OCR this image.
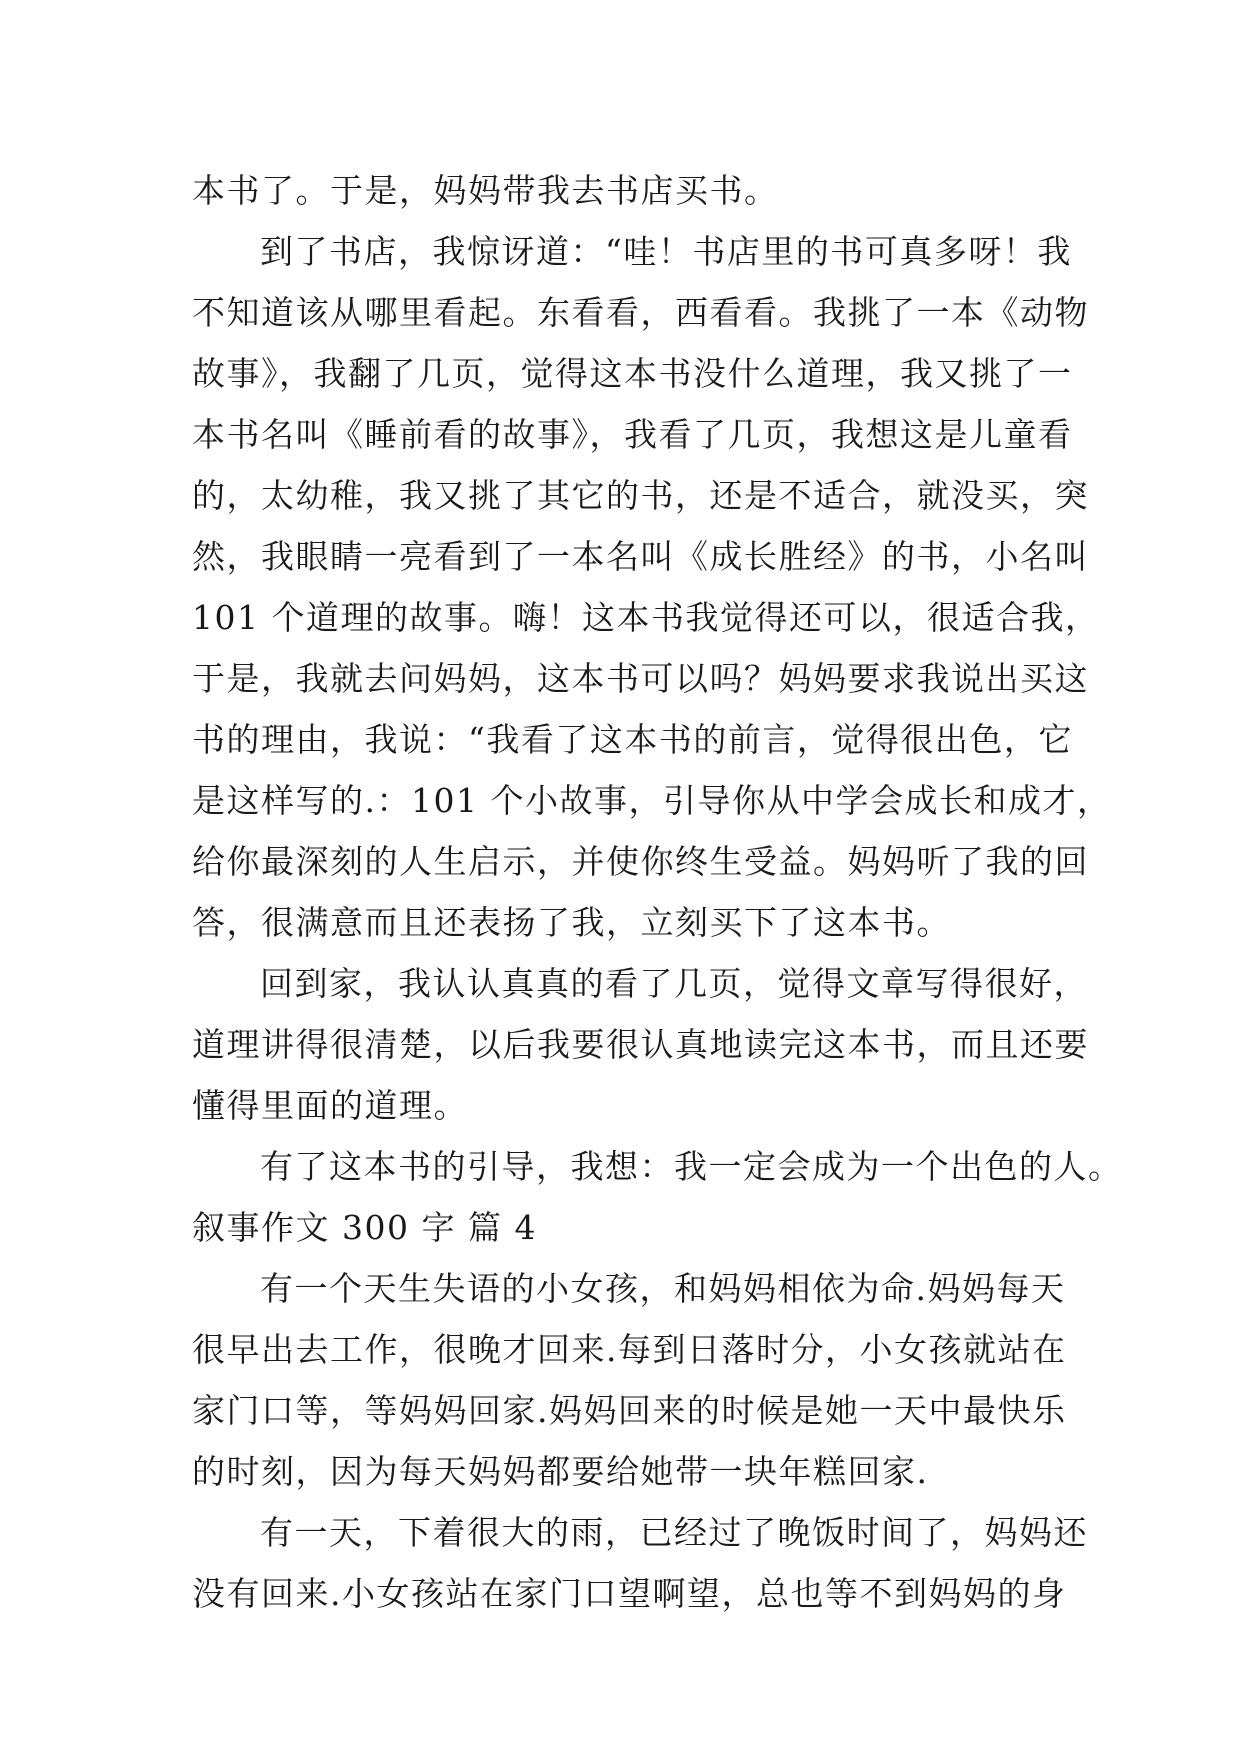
本书了。于是，妈妈带我去书店买书。
到了书店，我惊讶道：“哇！书店里的书可真多呀！我
不知道该从哪里看起。东看看，西看看。我挑了一本《动物
故事》，我翻了几页，觉得这本书没什么道理，我又挑了一
本书名叫《睡前看的故事》，我看了几页，我想这是儿童看
的，太幼稚，我又挑了其它的书，还是不适合，就没买，突
然，我眼睛一亮看到了一本名叫《成长胜经》的书，小名叫
101 个道理的故事。嗨！这本书我觉得还可以，很适合我，
于是，我就去问妈妈，这本书可以吗？妈妈要求我说出买这
书的理由，我说：“我看了这本书的前言，觉得很出色，它
是这样写的.：101 个小故事，引导你从中学会成长和成才，
给你最深刻的人生启示，并使你终生受益。妈妈听了我的回
答，很满意而且还表扬了我，立刻买下了这本书。
回到家，我认认真真的看了几页，觉得文章写得很好，
道理讲得很清楚，以后我要很认真地读完这本书，而且还要
懂得里面的道理。
有了这本书的引导，我想：我一定会成为一个出色的人。
叙事作文 300 字 篇 4
有一个天生失语的小女孩，和妈妈相依为命.妈妈每天
很早出去工作，很晚才回来.每到日落时分，小女孩就站在
家门口等，等妈妈回家.妈妈回来的时候是她一天中最快乐
的时刻，因为每天妈妈都要给她带一块年糕回家.
有一天，下着很大的雨，已经过了晚饭时间了，妈妈还
没有回来.小女孩站在家门口望啊望，总也等不到妈妈的身
